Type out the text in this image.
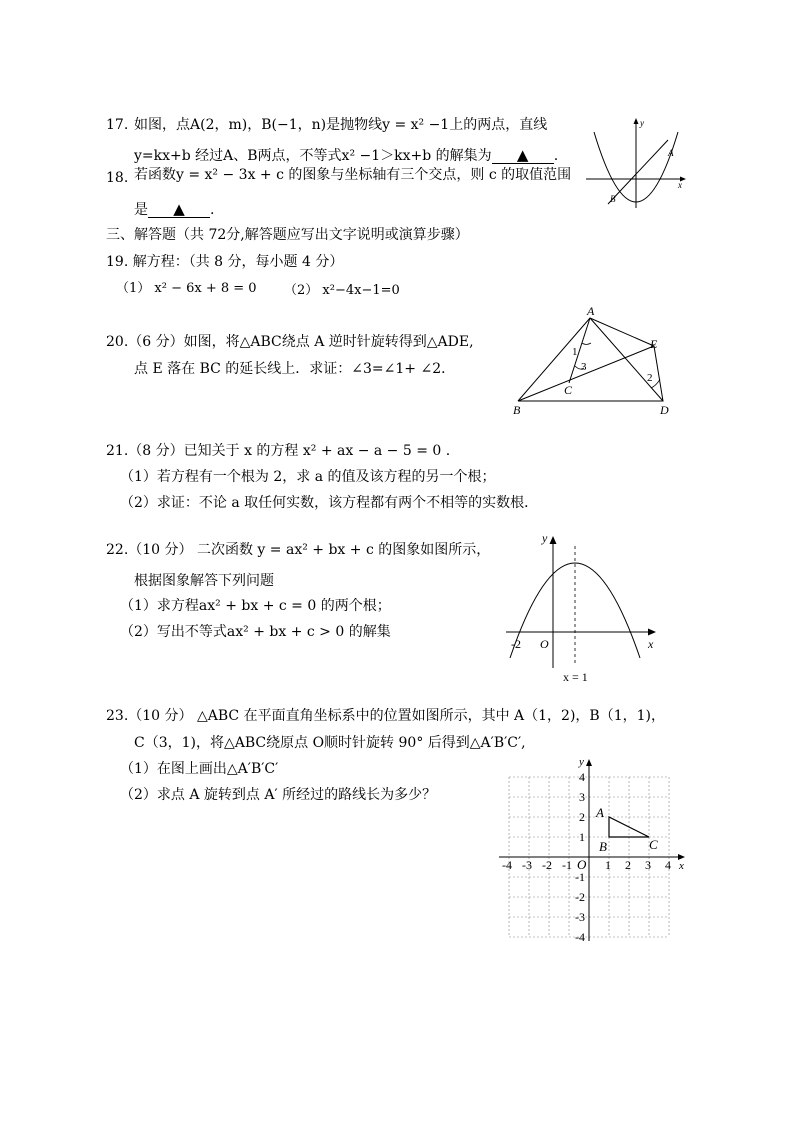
17. 如图，点A(2，m)，B(−1，n)是抛物线y = x² −1上的两点，直线
y=kx+b 经过A、B两点，不等式x² −1＞kx+b 的解集为 ▲ .
y
x
A
B
18. 若函数y = x² − 3x + c 的图象与坐标轴有三个交点，则 c 的取值范围
是 ▲ .
三、解答题（共 72分,解答题应写出文字说明或演算步骤）
19. 解方程：（共 8 分，每小题 4 分）
（1） x² − 6x + 8 = 0 （2） x²−4x−1=0
20.（6 分）如图，将△ABC绕点 A 逆时针旋转得到△ADE,
点 E 落在 BC 的延长线上．求证：∠3=∠1+ ∠2．
A
E
B
C
D
1
2
3
21.（8 分）已知关于 x 的方程 x² + ax − a − 5 = 0 .
（1）若方程有一个根为 2，求 a 的值及该方程的另一个根；
（2）求证：不论 a 取任何实数，该方程都有两个不相等的实数根．
22.（10 分） 二次函数 y = ax² + bx + c 的图象如图所示，
根据图象解答下列问题
（1）求方程ax² + bx + c = 0 的两个根；
（2）写出不等式ax² + bx + c > 0 的解集
y
x
O
-2
x = 1
23.（10 分） △ABC 在平面直角坐标系中的位置如图所示，其中 A（1，2)，B（1，1)，
C（3，1)，将△ABC绕原点 O顺时针旋转 90° 后得到△A′B′C′,
（1）在图上画出△A′B′C′
（2）求点 A 旋转到点 A′ 所经过的路线长为多少？
y
x
O
A
B	C
-4 -3 -2 -1	1 2 3 4
4
3
2
1
-1
-2
-3
-4
